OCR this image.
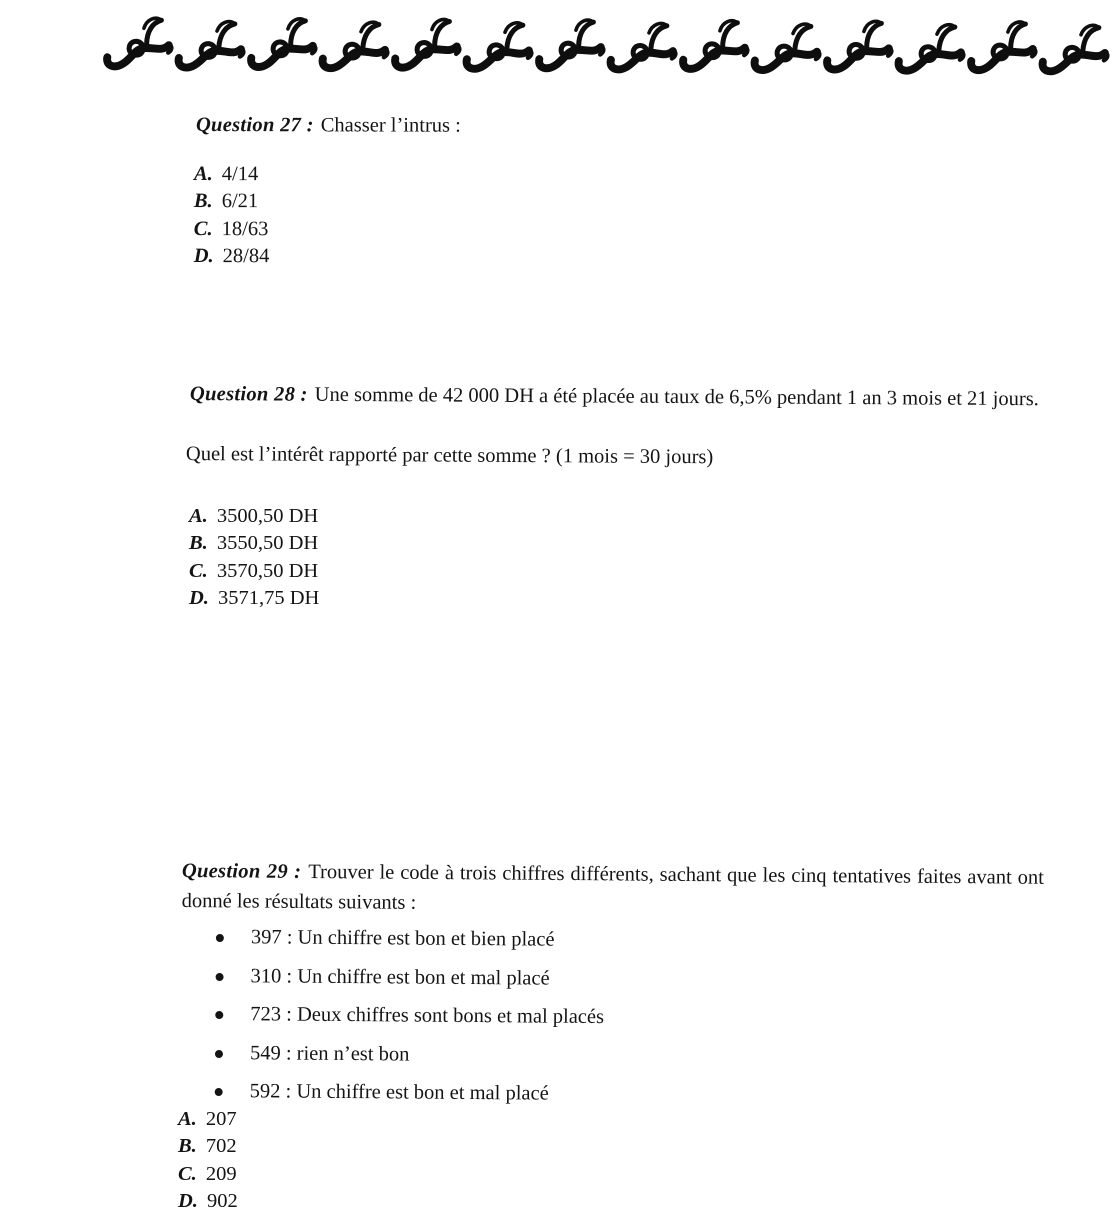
Question 27 : Chasser l’intrus :
A. 4/14
B. 6/21
C. 18/63
D. 28/84
Question 28 : Une somme de 42 000 DH a été placée au taux de 6,5% pendant 1 an 3 mois et 21 jours.
Quel est l’intérêt rapporté par cette somme ? (1 mois = 30 jours)
A. 3500,50 DH
B. 3550,50 DH
C. 3570,50 DH
D. 3571,75 DH
Question 29 : Trouver le code à trois chiffres différents, sachant que les cinq tentatives faites avant ont donné les résultats suivants :
397 : Un chiffre est bon et bien placé
310 : Un chiffre est bon et mal placé
723 : Deux chiffres sont bons et mal placés
549 : rien n’est bon
592 : Un chiffre est bon et mal placé
A. 207
B. 702
C. 209
D. 902
